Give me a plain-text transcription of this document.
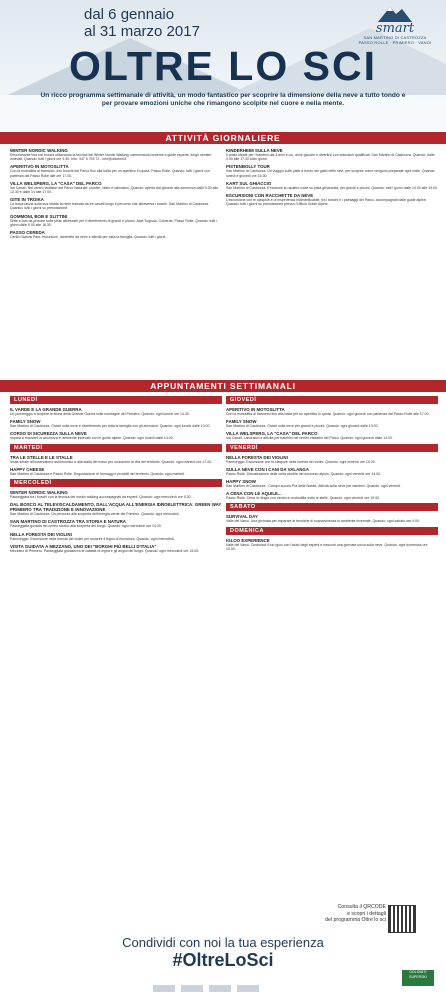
dal 6 gennaio
al 31 marzo 2017	smart
SAN MARTINO DI CASTROZZA
PASSO ROLLE · PRIMIERO · VANOI
OLTRE LO SCI
Un ricco programma settimanale di attività, un modo fantastico per scoprire la dimensione della neve a tutto tondo e per provare emozioni uniche che rimangono scolpite nel cuore e nella mente.
ATTIVITÀ GIORNALIERE
WINTER NORDIC WALKING
Emozionante tour nei boschi utilizzando la tecnica del Winter Nordic Walking: camminando insieme a guide esperte, lungo sentieri innevati. Quando: tutti i giorni ore 9.30. Info: 347 5 793 72 - info@dolomiti.it
APERITIVO IN MOTOSLITTA
Con la motoslitta al tramonto, tra i boschi del Parco fino alla baita per un aperitivo in quota. Passo Rolle. Quando: tutti i giorni con partenza dal Passo Rolle alle ore 17.00.
VILLA WELSPERG, LA "CASA" DEL PARCO
Val Canali. Nel centro visitatori del Parco Naturale: mostre, video e laboratori. Quando: aperta dal giovedì alla domenica dalle 9.30 alle 12.30 e dalle 14 alle 17.00.
GITE IN TROIKA
La troica lascia sulla sua strada la neve trainata da tre cavalli lungo il percorso che attraversa i boschi. San Martino di Castrozza. Quando: tutti i giorni su prenotazione.
GOMMONI, BOB E SLITTINI
Slitte e bob da provare sulle piste attrezzate per il divertimento di grandi e piccini. Alpe Tognola, Colverde, Passo Rolle. Quando: tutti i giorni dalle 9.00 alle 16.30.
PASSO CEREDA
Centro Natura Park: escursioni, racchette da neve e attività per tutta la famiglia. Quando: tutti i giorni.
KINDERHEIM SULLA NEVE
Il posto ideale per i bambini dai 3 anni in su, dove giocare e divertirsi con animatori qualificati. San Martino di Castrozza. Quando: dalle 9.00 alle 17.00 tutti i giorni.
PISTENBOLLY TOUR
San Martino di Castrozza. Un viaggio sulle piste a bordo del gatto delle nevi, per scoprire come vengono preparate ogni notte. Quando: lunedì e giovedì ore 16.30.
KART SUL GHIACCIO
San Martino di Castrozza. Emozione su quattro ruote su pista ghiacciata, per grandi e piccini. Quando: tutti i giorni dalle 14.00 alle 19.00.
ESCURSIONI CON RACCHETTE DA NEVE
L'escursione con le ciaspole è un'esperienza indimenticabile, tra i boschi e i paesaggi del Parco, accompagnati dalle guide alpine. Quando: tutti i giorni su prenotazione presso l'Ufficio Guide Alpine.
APPUNTAMENTI SETTIMANALI
LUNEDÌ
IL VARDE E LA GRANDE GUERRA
Un pomeriggio a scoprire la storia della Grande Guerra sulle montagne del Primiero. Quando: ogni lunedì ore 14.30.
FAMILY SNOW
San Martino di Castrozza. Giochi sulla neve e divertimento per tutta la famiglia con gli animatori. Quando: ogni lunedì dalle 10.00.
CORSO DI SICUREZZA SULLA NEVE
Impara a muoverti in sicurezza in ambiente innevato con le guide alpine. Quando: ogni lunedì dalle 14.00.
MARTEDÌ
TRA LE STELLE E LE STALLE
Visita serale all'osservatorio astronomico e alla stalla del maso per conoscere la vita del territorio. Quando: ogni martedì ore 17.00.
HAPPY CHEESE
San Martino di Castrozza e Passo Rolle. Degustazione di formaggi e prodotti del territorio. Quando: ogni martedì.
MERCOLEDÌ
WINTER NORDIC WALKING
Passeggiata tra i boschi con la tecnica del nordic walking accompagnati da esperti. Quando: ogni mercoledì ore 9.30.
DAL BOSCO AL TELEVISCALDAMENTO, DALL'ACQUA ALL'ENERGIA IDROELETTRICA: GREEN WAY PRIMIERO TRA TRADIZIONE E INNOVAZIONE
San Martino di Castrozza. Un percorso alla scoperta dell'energia verde del Primiero. Quando: ogni mercoledì.
SAN MARTINO DI CASTROZZA TRA STORIA E NATURA
Passeggiata guidata nel centro storico alla scoperta del borgo. Quando: ogni mercoledì ore 14.30.
NELLA FORESTA DEI VIOLINI
Paneveggio. Escursione nella foresta dei violini per scoprire il legno di risonanza. Quando: ogni mercoledì.
VISITA GUIDATA A MEZZANO, UNO DEI "BORGHI PIÙ BELLI D'ITALIA"
Mezzano di Primiero. Passeggiata guidata tra le cataste di legna e gli angoli del borgo. Quando: ogni mercoledì ore 15.00.
GIOVEDÌ
APERITIVO IN MOTOSLITTA
Con la motoslitta al tramonto fino alla baita per un aperitivo in quota. Quando: ogni giovedì con partenza dal Passo Rolle alle 17.00.
FAMILY SNOW
San Martino di Castrozza. Giochi sulla neve per grandi e piccini. Quando: ogni giovedì dalle 10.00.
VILLA WELSPERG, LA "CASA" DEL PARCO
Val Canali. Laboratori e attività per bambini nel centro visitatori del Parco. Quando: ogni giovedì dalle 14.00.
VENERDÌ
NELLA FORESTA DEI VIOLINI
Paneveggio. Escursione con le ciaspole nella foresta dei violini. Quando: ogni venerdì ore 10.00.
SULLA NEVE CON I CANI DA VALANGA
Passo Rolle. Dimostrazione delle unità cinofile del soccorso alpino. Quando: ogni venerdì ore 14.00.
HAPPY SNOW
San Martino di Castrozza - Campo scuola Prà delle Nasse. Attività sulla neve per bambini. Quando: ogni venerdì.
A CENA CON LE AQUILE...
Passo Rolle. Cena in rifugio con rientro in motoslitta sotto le stelle. Quando: ogni venerdì ore 19.00.
SABATO
SURVIVAL DAY
Valle del Vanoi. Una giornata per imparare le tecniche di sopravvivenza in ambiente invernale. Quando: ogni sabato ore 9.00.
DOMENICA
IGLOO EXPERIENCE
Valle del Vanoi. Costruisci il tuo igloo con l'aiuto degli esperti e trascorri una giornata unica sulla neve. Quando: ogni domenica ore 10.00.
Consulta il QRCODE
e scopri i dettagli
del programma Oltre lo sci
Condividi con noi la tua esperienza
#OltreLoSci
DOLOMITI SUPERSKI
